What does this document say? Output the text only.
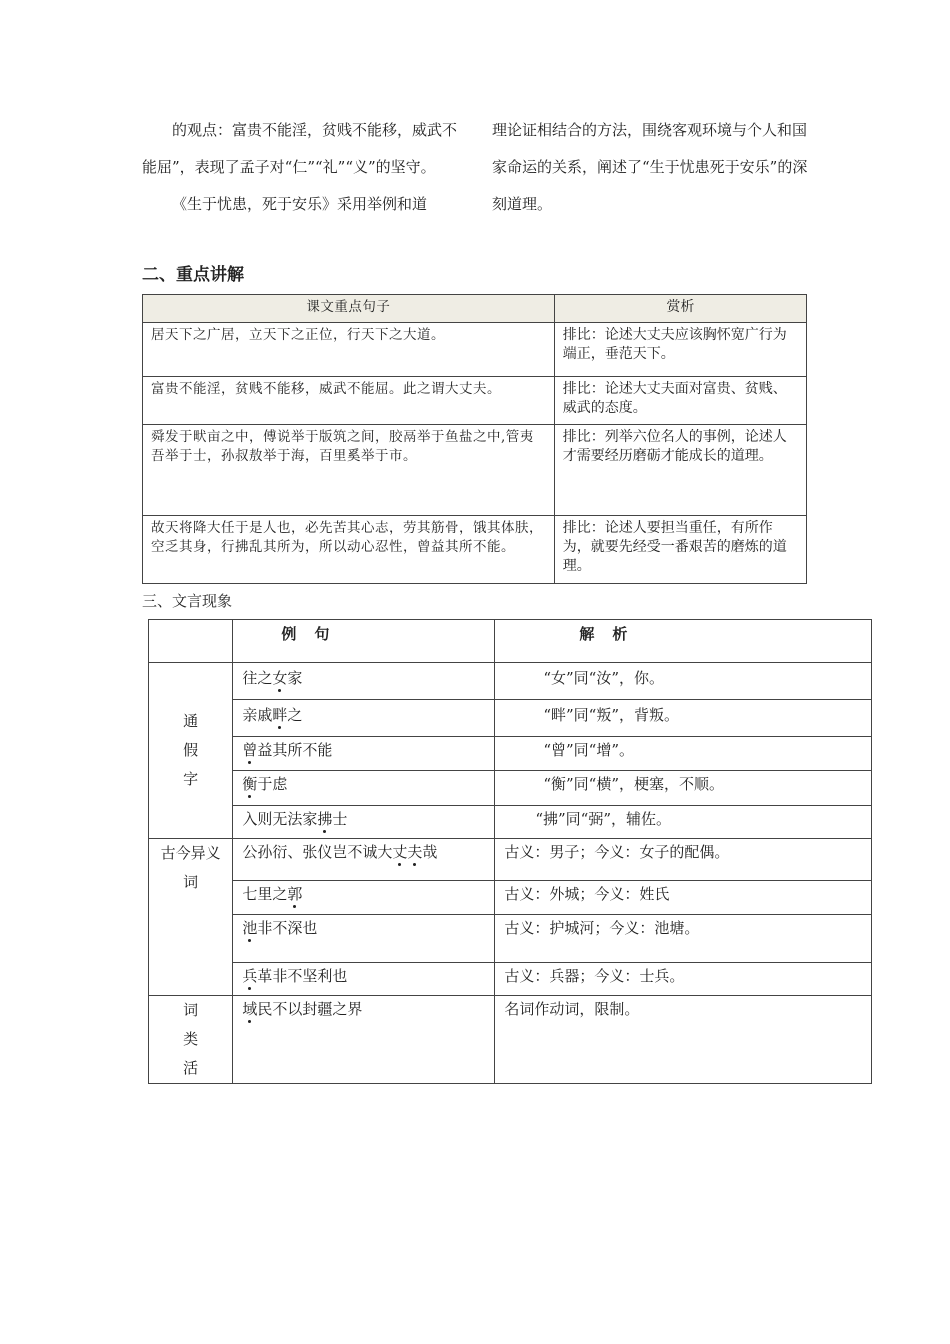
的观点：富贵不能淫，贫贱不能移，威武不能屈”，表现了孟子对“仁”“礼”“义”的坚守。

《生于忧患，死于安乐》采用举例和道

理论证相结合的方法，围绕客观环境与个人和国家命运的关系，阐述了“生于忧患死于安乐”的深刻道理。

二、重点讲解
课文重点句子	赏析
居天下之广居，立天下之正位，行天下之大道。	排比：论述大丈夫应该胸怀宽广行为端正，垂范天下。
富贵不能淫，贫贱不能移，威武不能屈。此之谓大丈夫。	排比：论述大丈夫面对富贵、贫贱、威武的态度。
舜发于畎亩之中，傅说举于版筑之间，胶鬲举于鱼盐之中,管夷吾举于士，孙叔敖举于海，百里奚举于市。	排比：列举六位名人的事例，论述人才需要经历磨砺才能成长的道理。
故天将降大任于是人也，必先苦其心志，劳其筋骨，饿其体肤，空乏其身，行拂乱其所为，所以动心忍性，曾益其所不能。	排比：论述人要担当重任，有所作为，就要先经受一番艰苦的磨炼的道理。
三、文言现象
	例句	解析

通
假
字	往之女家	“女”同“汝”，你。
	亲戚畔之	“畔”同“叛”，背叛。
	曾益其所不能	“曾”同“增”。
	衡于虑	“衡”同“横”，梗塞，不顺。
	入则无法家拂士	“拂”同“弼”，辅佐。

古今异义
词	公孙衍、张仪岂不诚大丈夫哉	古义：男子；今义：女子的配偶。
	七里之郭	古义：外城；今义：姓氏
	池非不深也	古义：护城河；今义：池塘。
	兵革非不坚利也	古义：兵器；今义：士兵。

词
类
活	域民不以封疆之界	名词作动词，限制。
